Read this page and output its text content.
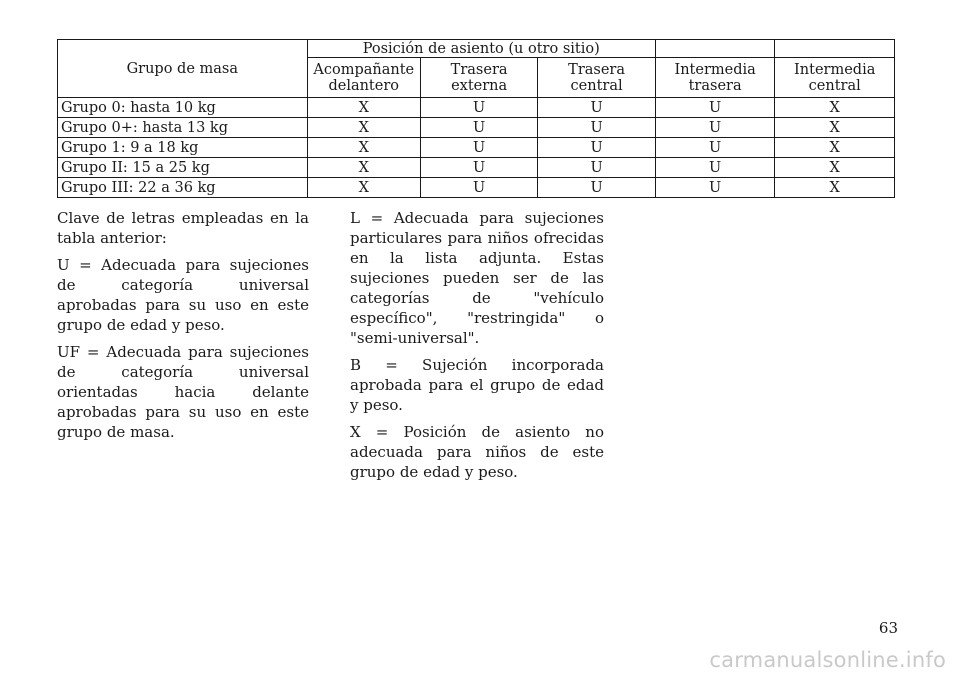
Grupo de masa	Posición de asiento (u otro sitio)				
	Acompañante delantero	Trasera externa	Trasera central	Intermedia trasera	Intermedia central
Grupo 0: hasta 10 kg	X	U	U	U	X
Grupo 0+: hasta 13 kg	X	U	U	U	X
Grupo 1: 9 a 18 kg	X	U	U	U	X
Grupo II: 15 a 25 kg	X	U	U	U	X
Grupo III: 22 a 36 kg	X	U	U	U	X

Clave de letras empleadas en la tabla anterior:

U = Adecuada para sujeciones de categoría universal aprobadas para su uso en este grupo de edad y peso.

UF = Adecuada para sujeciones de categoría universal orientadas hacia delante aprobadas para su uso en este grupo de masa.

L = Adecuada para sujeciones particulares para niños ofrecidas en la lista adjunta. Estas sujeciones pueden ser de las categorías de "vehículo específico", "restringida" o "semi-universal".

B = Sujeción incorporada aprobada para el grupo de edad y peso.

X = Posición de asiento no adecuada para niños de este grupo de edad y peso.

63
carmanualsonline.info
